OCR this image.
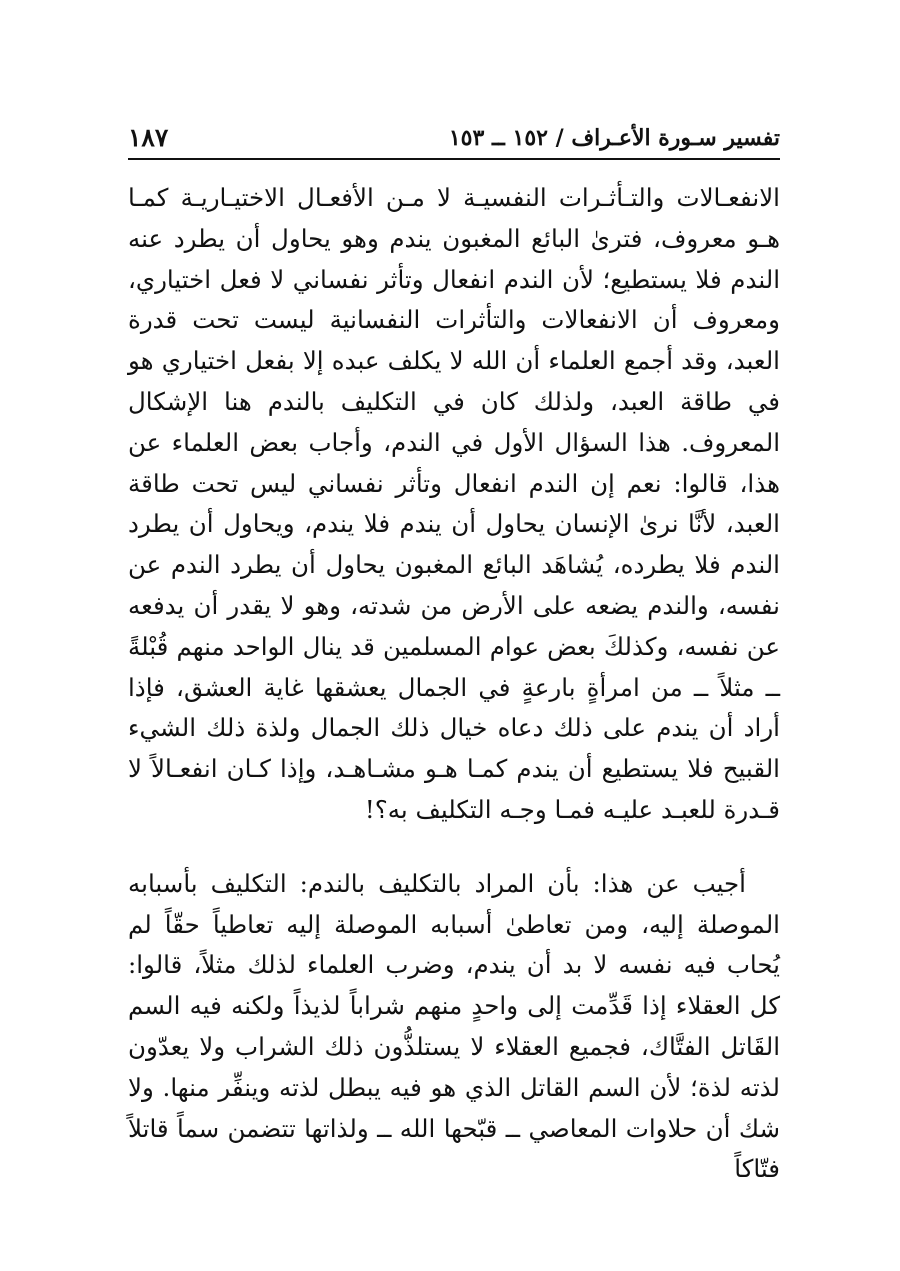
تفسير سـورة الأعـراف / ١٥٢ ــ ١٥٣
١٨٧

الانفعـالات والتـأثـرات النفسيـة لا مـن الأفعـال الاختيـاريـة كمـا هـو معروف، فترىٰ البائع المغبون يندم وهو يحاول أن يطرد عنه الندم فلا يستطيع؛ لأن الندم انفعال وتأثر نفساني لا فعل اختياري، ومعروف أن الانفعالات والتأثرات النفسانية ليست تحت قدرة العبد، وقد أجمع العلماء أن الله لا يكلف عبده إلا بفعل اختياري هو في طاقة العبد، ولذلك كان في التكليف بالندم هنا الإشكال المعروف. هذا السؤال الأول في الندم، وأجاب بعض العلماء عن هذا، قالوا: نعم إن الندم انفعال وتأثر نفساني ليس تحت طاقة العبد، لأنَّا نرىٰ الإنسان يحاول أن يندم فلا يندم، ويحاول أن يطرد الندم فلا يطرده، يُشاهَد البائع المغبون يحاول أن يطرد الندم عن نفسه، والندم يضعه على الأرض من شدته، وهو لا يقدر أن يدفعه عن نفسه، وكذلكَ بعض عوام المسلمين قد ينال الواحد منهم قُبْلةً ــ مثلاً ــ من امرأةٍ بارعةٍ في الجمال يعشقها غاية العشق، فإذا أراد أن يندم على ذلك دعاه خيال ذلك الجمال ولذة ذلك الشيء القبيح فلا يستطيع أن يندم كمـا هـو مشـاهـد، وإذا كـان انفعـالاً لا قـدرة للعبـد عليـه فمـا وجـه التكليف به؟!

أجيب عن هذا: بأن المراد بالتكليف بالندم: التكليف بأسبابه الموصلة إليه، ومن تعاطىٰ أسبابه الموصلة إليه تعاطياً حقّاً لم يُحاب فيه نفسه لا بد أن يندم، وضرب العلماء لذلك مثلاً، قالوا: كل العقلاء إذا قَدِّمت إلى واحدٍ منهم شراباً لذيذاً ولكنه فيه السم القَاتل الفتَّاك، فجميع العقلاء لا يستلذُّون ذلك الشراب ولا يعدّون لذته لذة؛ لأن السم القاتل الذي هو فيه يبطل لذته وينفِّر منها. ولا شك أن حلاوات المعاصي ــ قبّحها الله ــ ولذاتها تتضمن سماً قاتلاً فتّاكاً
